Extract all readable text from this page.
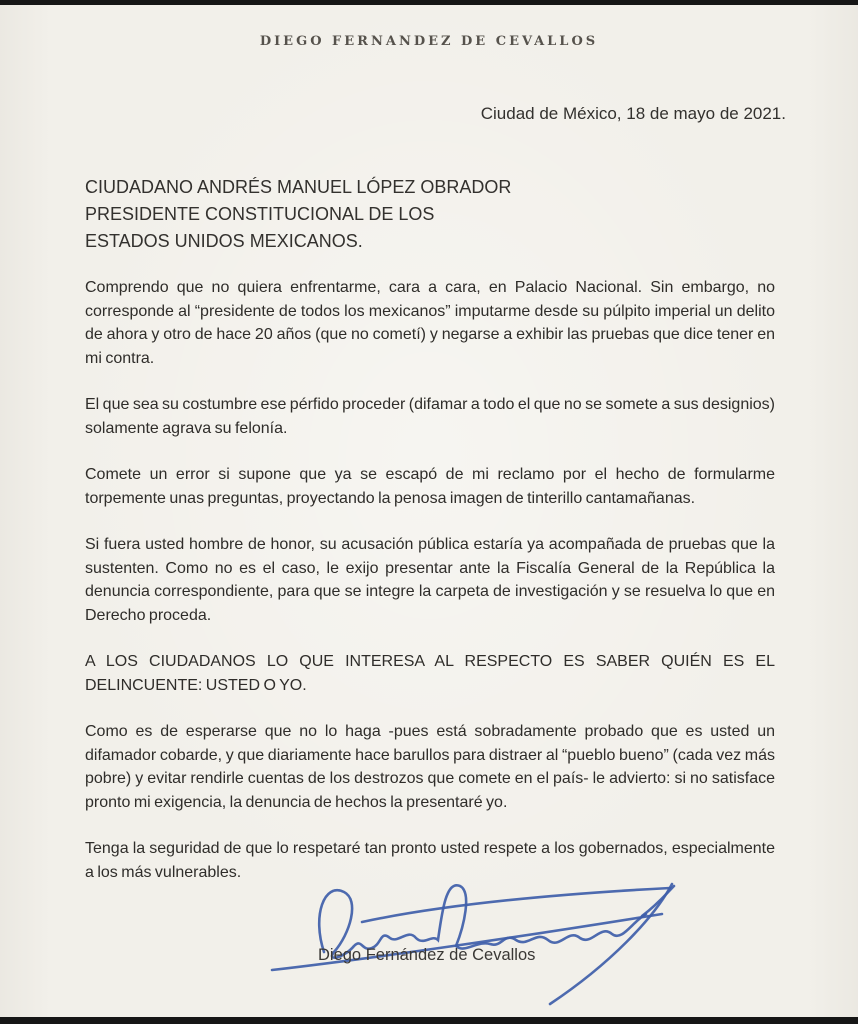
DIEGO FERNANDEZ DE CEVALLOS
Ciudad de México, 18 de mayo de 2021.
CIUDADANO ANDRÉS MANUEL LÓPEZ OBRADOR
PRESIDENTE CONSTITUCIONAL DE LOS
ESTADOS UNIDOS MEXICANOS.

Comprendo que no quiera enfrentarme, cara a cara, en Palacio Nacional. Sin embargo, no corresponde al “presidente de todos los mexicanos” imputarme desde su púlpito imperial un delito de ahora y otro de hace 20 años (que no cometí) y negarse a exhibir las pruebas que dice tener en mi contra.

El que sea su costumbre ese pérfido proceder (difamar a todo el que no se somete a sus designios) solamente agrava su felonía.

Comete un error si supone que ya se escapó de mi reclamo por el hecho de formularme torpemente unas preguntas, proyectando la penosa imagen de tinterillo cantamañanas.

Si fuera usted hombre de honor, su acusación pública estaría ya acompañada de pruebas que la sustenten. Como no es el caso, le exijo presentar ante la Fiscalía General de la República la denuncia correspondiente, para que se integre la carpeta de investigación y se resuelva lo que en Derecho proceda.

A LOS CIUDADANOS LO QUE INTERESA AL RESPECTO ES SABER QUIÉN ES EL DELINCUENTE: USTED O YO.

Como es de esperarse que no lo haga -pues está sobradamente probado que es usted un difamador cobarde, y que diariamente hace barullos para distraer al “pueblo bueno” (cada vez más pobre) y evitar rendirle cuentas de los destrozos que comete en el país- le advierto: si no satisface pronto mi exigencia, la denuncia de hechos la presentaré yo.

Tenga la seguridad de que lo respetaré tan pronto usted respete a los gobernados, especialmente a los más vulnerables.

Diego Fernández de Cevallos
